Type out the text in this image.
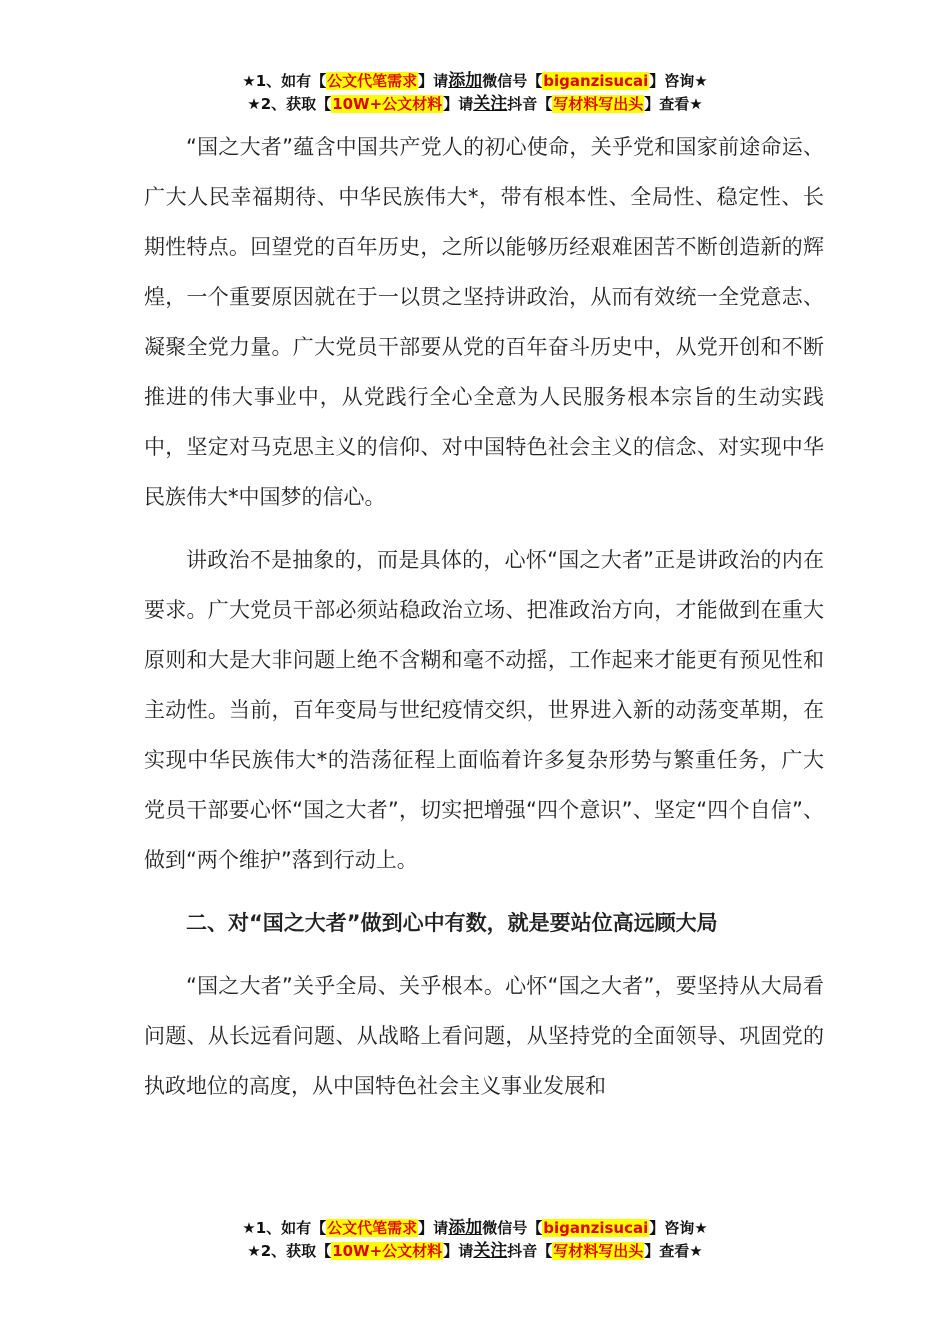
★1、如有【公文代笔需求】请添加微信号【biganzisucai】咨询★
★2、获取【10W+公文材料】请关注抖音【写材料写出头】查看★

“国之大者”蕴含中国共产党人的初心使命，关乎党和国家前途命运、广大人民幸福期待、中华民族伟大*，带有根本性、全局性、稳定性、长期性特点。回望党的百年历史，之所以能够历经艰难困苦不断创造新的辉煌，一个重要原因就在于一以贯之坚持讲政治，从而有效统一全党意志、凝聚全党力量。广大党员干部要从党的百年奋斗历史中，从党开创和不断推进的伟大事业中，从党践行全心全意为人民服务根本宗旨的生动实践中，坚定对马克思主义的信仰、对中国特色社会主义的信念、对实现中华民族伟大*中国梦的信心。

讲政治不是抽象的，而是具体的，心怀“国之大者”正是讲政治的内在要求。广大党员干部必须站稳政治立场、把准政治方向，才能做到在重大原则和大是大非问题上绝不含糊和毫不动摇，工作起来才能更有预见性和主动性。当前，百年变局与世纪疫情交织，世界进入新的动荡变革期，在实现中华民族伟大*的浩荡征程上面临着许多复杂形势与繁重任务，广大党员干部要心怀“国之大者”，切实把增强“四个意识”、坚定“四个自信”、做到“两个维护”落到行动上。

二、对“国之大者”做到心中有数，就是要站位高远顾大局

“国之大者”关乎全局、关乎根本。心怀“国之大者”，要坚持从大局看问题、从长远看问题、从战略上看问题，从坚持党的全面领导、巩固党的执政地位的高度，从中国特色社会主义事业发展和

★1、如有【公文代笔需求】请添加微信号【biganzisucai】咨询★
★2、获取【10W+公文材料】请关注抖音【写材料写出头】查看★
